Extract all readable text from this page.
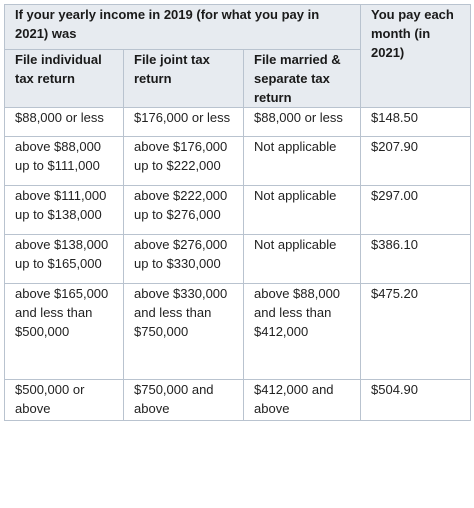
If your yearly income in 2019 (for what you pay in 2021) was			You pay each month (in 2021)
File individual tax return	File joint tax return	File married & separate tax return	
$88,000 or less	$176,000 or less	$88,000 or less	$148.50
above $88,000 up to $111,000	above $176,000 up to $222,000	Not applicable	$207.90
above $111,000 up to $138,000	above $222,000 up to $276,000	Not applicable	$297.00
above $138,000 up to $165,000	above $276,000 up to $330,000	Not applicable	$386.10
above $165,000 and less than $500,000	above $330,000 and less than $750,000	above $88,000 and less than $412,000	$475.20
$500,000 or above	$750,000 and above	$412,000 and above	$504.90
